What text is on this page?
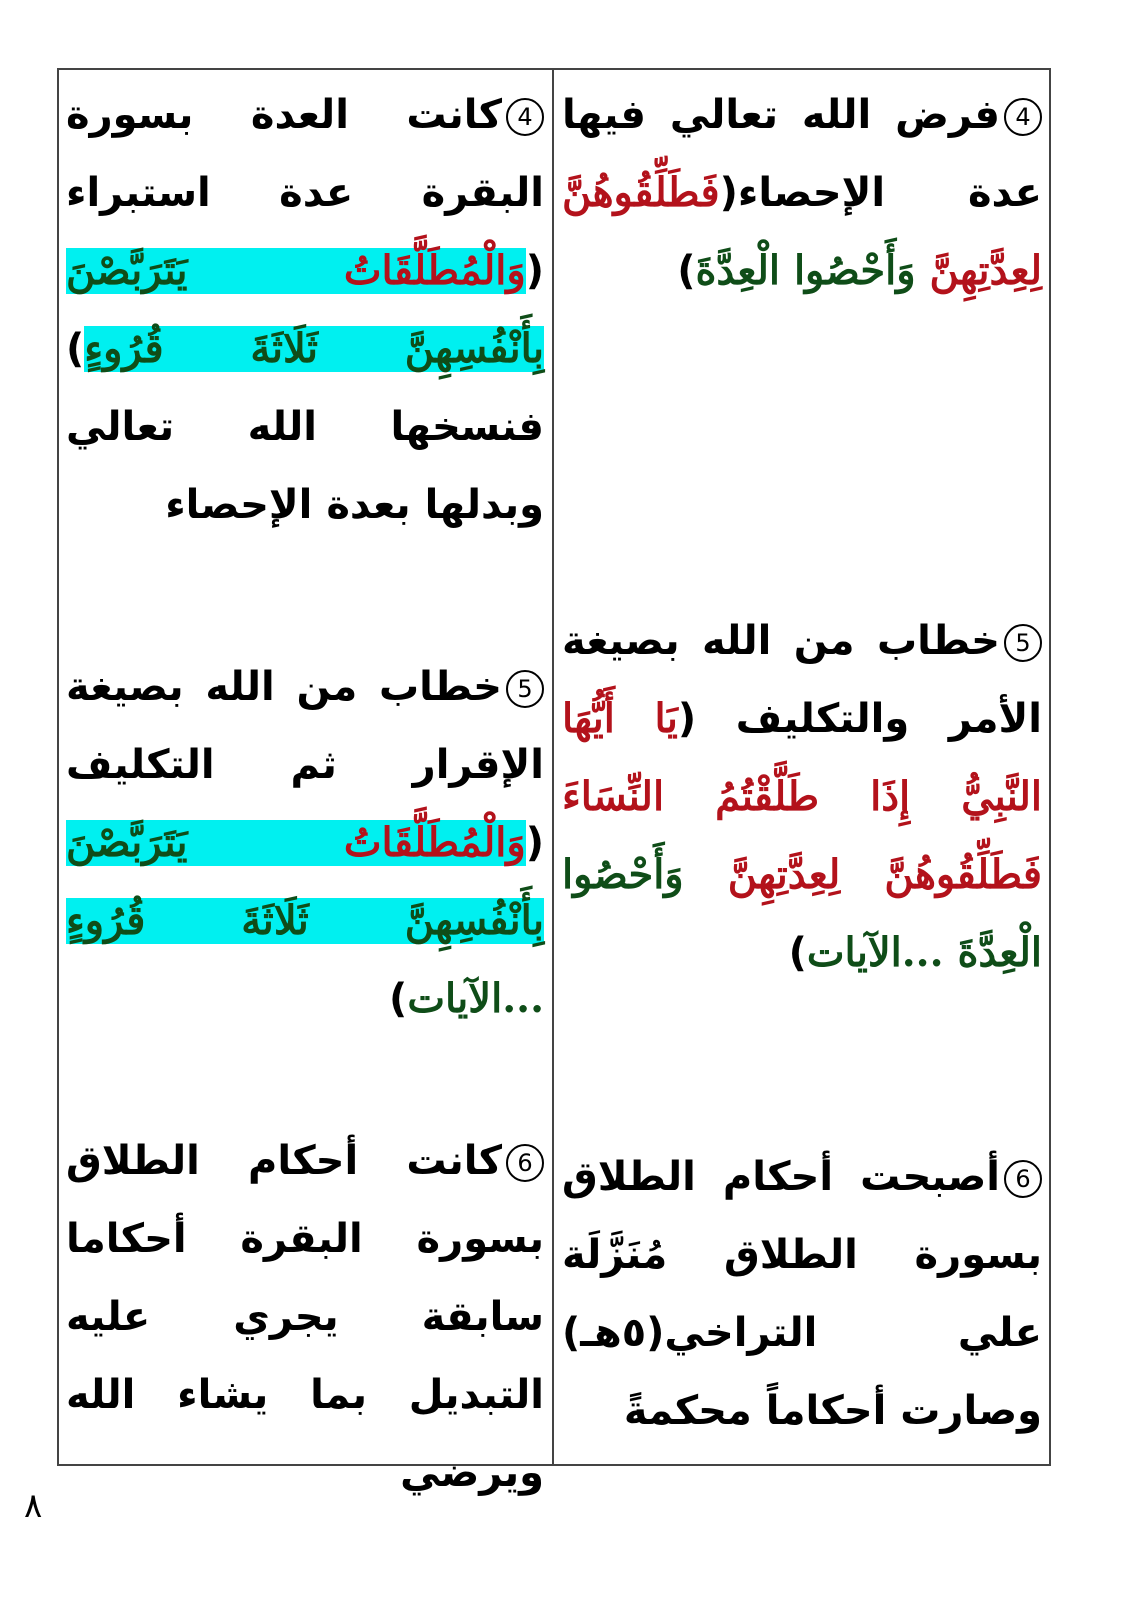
4فرض الله تعالي فيها عدة الإحصاء(فَطَلِّقُوهُنَّ لِعِدَّتِهِنَّ وَأَحْصُوا الْعِدَّةَ)
5خطاب من الله بصيغة الأمر والتكليف (يَا أَيُّهَا النَّبِيُّ إِذَا طَلَّقْتُمُ النِّسَاءَ فَطَلِّقُوهُنَّ لِعِدَّتِهِنَّ وَأَحْصُوا الْعِدَّةَ ...الآيات)
6أصبحت أحكام الطلاق بسورة الطلاق مُنَزَّلَة علي التراخي(٥هـ) وصارت أحكاماً محكمةً
4كانت العدة بسورة البقرة عدة استبراء (وَالْمُطَلَّقَاتُ يَتَرَبَّصْنَ بِأَنْفُسِهِنَّ ثَلَاثَةَ قُرُوءٍ) فنسخها الله تعالي وبدلها بعدة الإحصاء
5خطاب من الله بصيغة الإقرار ثم التكليف (وَالْمُطَلَّقَاتُ يَتَرَبَّصْنَ بِأَنْفُسِهِنَّ ثَلَاثَةَ قُرُوءٍ ...الآيات)
6كانت أحكام الطلاق بسورة البقرة أحكاما سابقة يجري عليه التبديل بما يشاء الله ويرضي
٨
